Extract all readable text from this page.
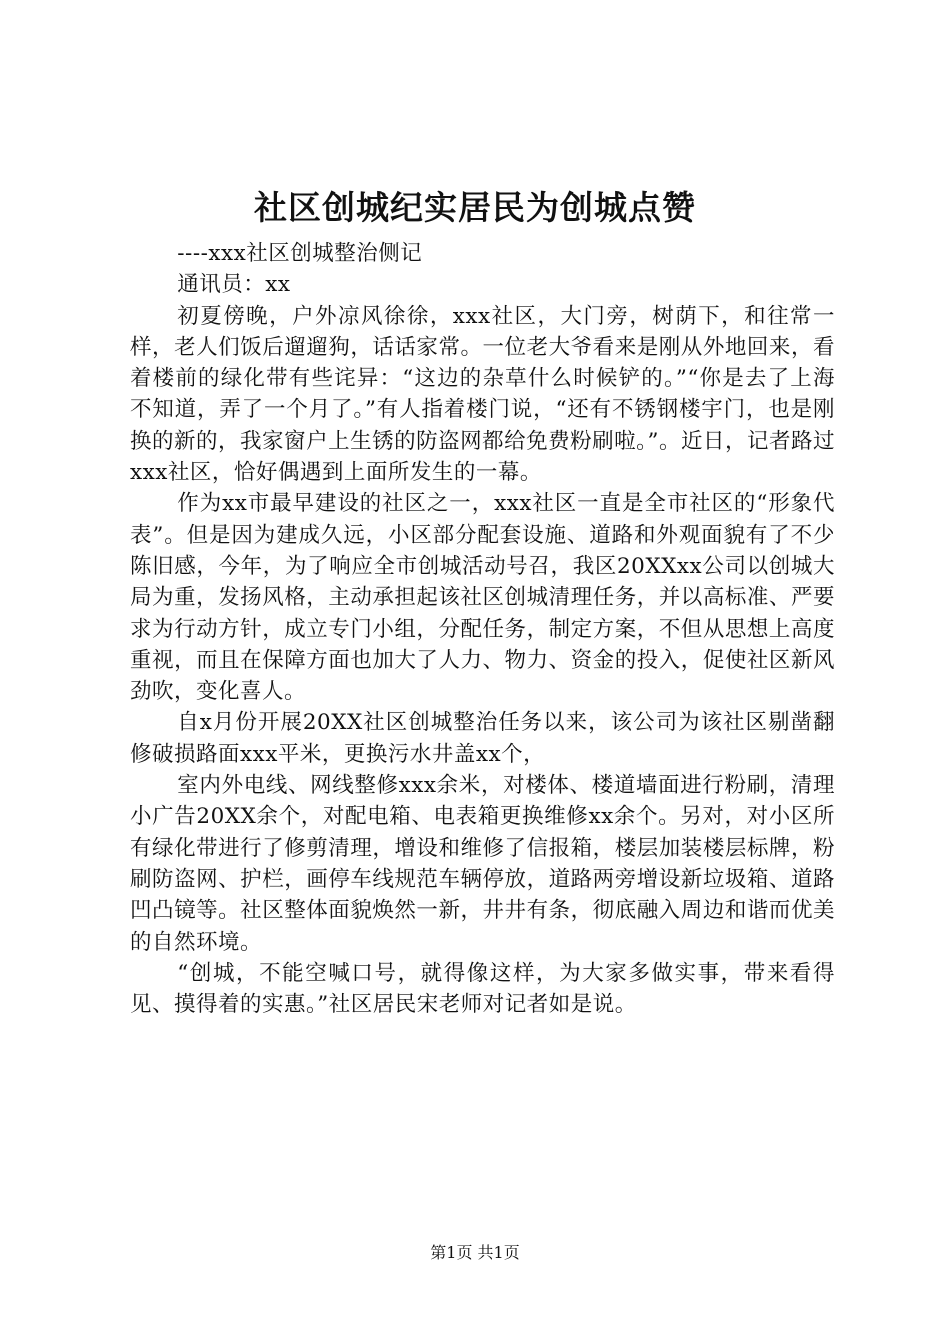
社区创城纪实居民为创城点赞

----xxx社区创城整治侧记

通讯员：xx

初夏傍晚，户外凉风徐徐，xxx社区，大门旁，树荫下，和往常一样，老人们饭后遛遛狗，话话家常。一位老大爷看来是刚从外地回来，看着楼前的绿化带有些诧异：“这边的杂草什么时候铲的。”“你是去了上海不知道，弄了一个月了。”有人指着楼门说，“还有不锈钢楼宇门，也是刚换的新的，我家窗户上生锈的防盗网都给免费粉刷啦。”。近日，记者路过xxx社区，恰好偶遇到上面所发生的一幕。

作为xx市最早建设的社区之一，xxx社区一直是全市社区的“形象代表”。但是因为建成久远，小区部分配套设施、道路和外观面貌有了不少陈旧感，今年，为了响应全市创城活动号召，我区20XXxx公司以创城大局为重，发扬风格，主动承担起该社区创城清理任务，并以高标准、严要求为行动方针，成立专门小组，分配任务，制定方案，不但从思想上高度重视，而且在保障方面也加大了人力、物力、资金的投入，促使社区新风劲吹，变化喜人。

自x月份开展20XX社区创城整治任务以来，该公司为该社区剔凿翻修破损路面xxx平米，更换污水井盖xx个，

室内外电线、网线整修xxx余米，对楼体、楼道墙面进行粉刷，清理小广告20XX余个，对配电箱、电表箱更换维修xx余个。另对，对小区所有绿化带进行了修剪清理，增设和维修了信报箱，楼层加装楼层标牌，粉刷防盗网、护栏，画停车线规范车辆停放，道路两旁增设新垃圾箱、道路凹凸镜等。社区整体面貌焕然一新，井井有条，彻底融入周边和谐而优美的自然环境。

“创城，不能空喊口号，就得像这样，为大家多做实事，带来看得见、摸得着的实惠。”社区居民宋老师对记者如是说。

第1页 共1页
